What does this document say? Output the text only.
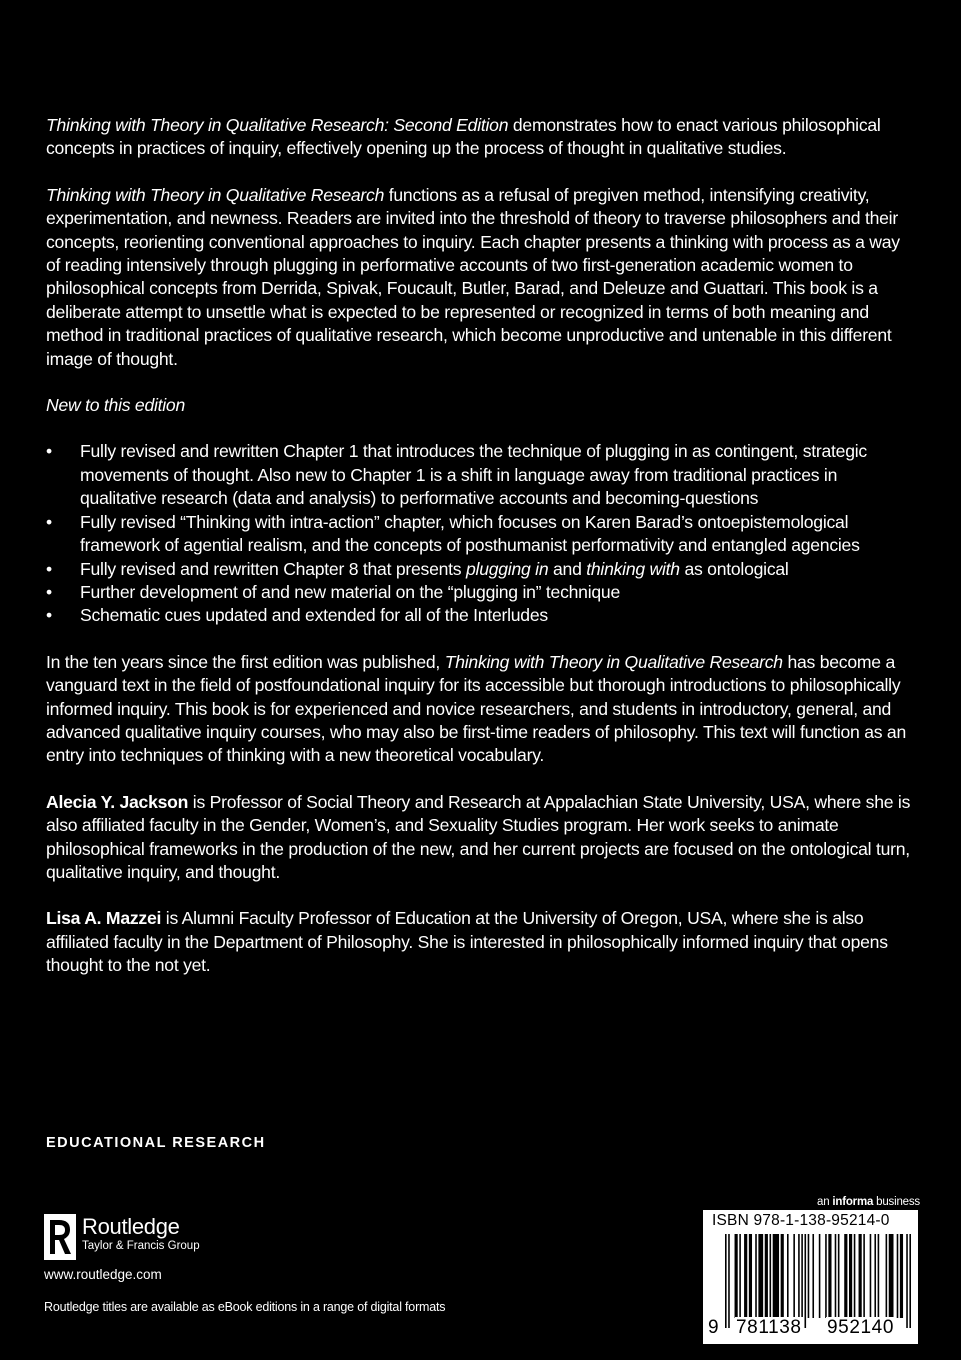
Thinking with Theory in Qualitative Research: Second Edition demonstrates how to enact various philosophical concepts in practices of inquiry, effectively opening up the process of thought in qualitative studies.

Thinking with Theory in Qualitative Research functions as a refusal of pregiven method, intensifying creativity, experimentation, and newness. Readers are invited into the threshold of theory to traverse philosophers and their concepts, reorienting conventional approaches to inquiry. Each chapter presents a thinking with process as a way of reading intensively through plugging in performative accounts of two first-generation academic women to philosophical concepts from Derrida, Spivak, Foucault, Butler, Barad, and Deleuze and Guattari. This book is a deliberate attempt to unsettle what is expected to be represented or recognized in terms of both meaning and method in traditional practices of qualitative research, which become unproductive and untenable in this different image of thought.

New to this edition

• Fully revised and rewritten Chapter 1 that introduces the technique of plugging in as contingent, strategic movements of thought. Also new to Chapter 1 is a shift in language away from traditional practices in qualitative research (data and analysis) to performative accounts and becoming-questions
• Fully revised “Thinking with intra-action” chapter, which focuses on Karen Barad’s ontoepistemological framework of agential realism, and the concepts of posthumanist performativity and entangled agencies
• Fully revised and rewritten Chapter 8 that presents plugging in and thinking with as ontological
• Further development of and new material on the “plugging in” technique
• Schematic cues updated and extended for all of the Interludes

In the ten years since the first edition was published, Thinking with Theory in Qualitative Research has become a vanguard text in the field of postfoundational inquiry for its accessible but thorough introductions to philosophically informed inquiry. This book is for experienced and novice researchers, and students in introductory, general, and advanced qualitative inquiry courses, who may also be first-time readers of philosophy. This text will function as an entry into techniques of thinking with a new theoretical vocabulary.

Alecia Y. Jackson is Professor of Social Theory and Research at Appalachian State University, USA, where she is also affiliated faculty in the Gender, Women’s, and Sexuality Studies program. Her work seeks to animate philosophical frameworks in the production of the new, and her current projects are focused on the ontological turn, qualitative inquiry, and thought.

Lisa A. Mazzei is Alumni Faculty Professor of Education at the University of Oregon, USA, where she is also affiliated faculty in the Department of Philosophy. She is interested in philosophically informed inquiry that opens thought to the not yet.

EDUCATIONAL RESEARCH
Routledge
Taylor & Francis Group
www.routledge.com
Routledge titles are available as eBook editions in a range of digital formats
an informa business
ISBN 978-1-138-95214-0
9 781138 952140
